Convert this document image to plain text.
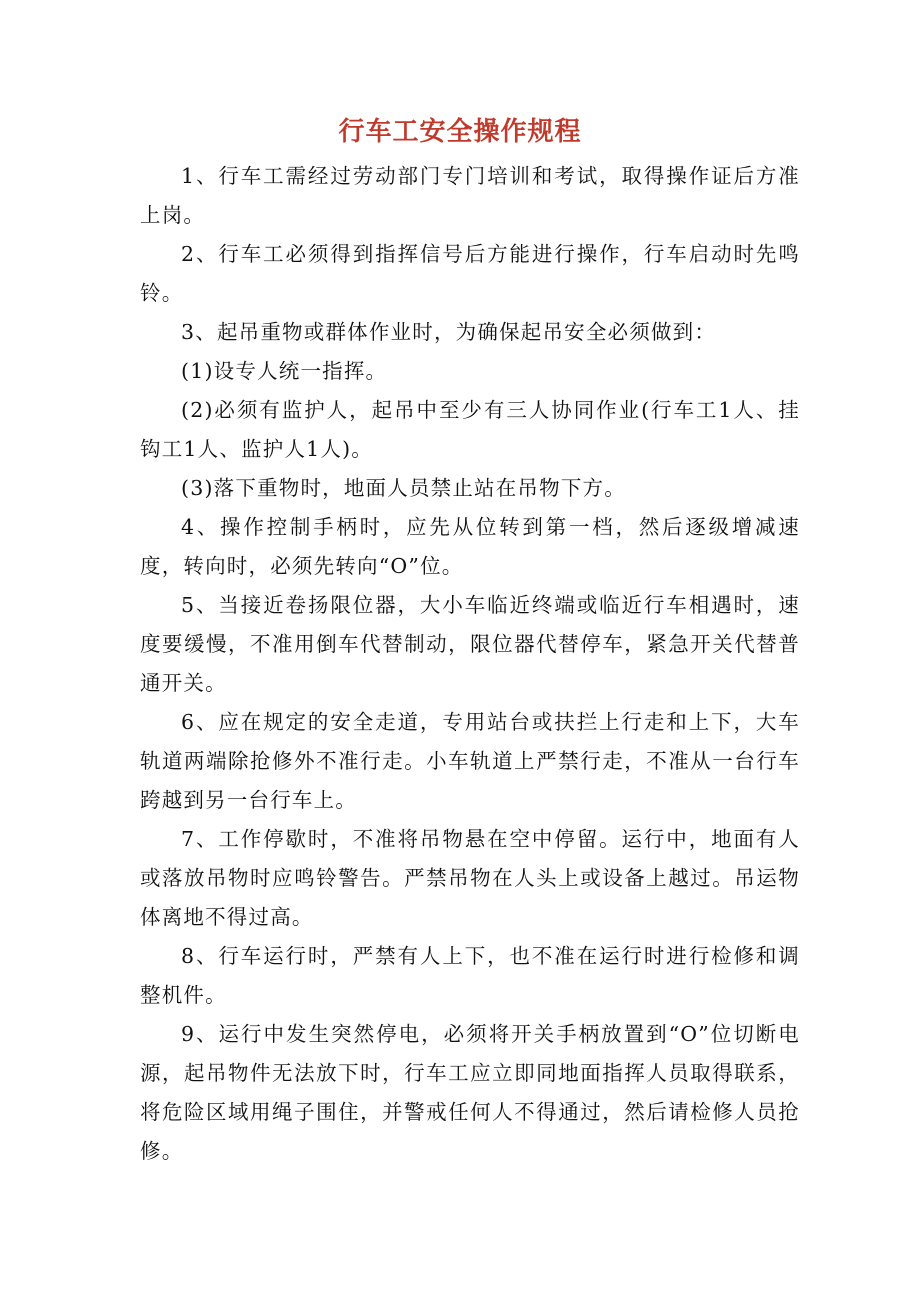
行车工安全操作规程

1、行车工需经过劳动部门专门培训和考试，取得操作证后方准上岗。

2、行车工必须得到指挥信号后方能进行操作，行车启动时先鸣铃。

3、起吊重物或群体作业时，为确保起吊安全必须做到：

(1)设专人统一指挥。

(2)必须有监护人，起吊中至少有三人协同作业(行车工1人、挂钩工1人、监护人1人)。

(3)落下重物时，地面人员禁止站在吊物下方。

4、操作控制手柄时，应先从位转到第一档，然后逐级增减速度，转向时，必须先转向“O”位。

5、当接近卷扬限位器，大小车临近终端或临近行车相遇时，速度要缓慢，不准用倒车代替制动，限位器代替停车，紧急开关代替普通开关。

6、应在规定的安全走道，专用站台或扶拦上行走和上下，大车轨道两端除抢修外不准行走。小车轨道上严禁行走，不准从一台行车跨越到另一台行车上。

7、工作停歇时，不准将吊物悬在空中停留。运行中，地面有人或落放吊物时应鸣铃警告。严禁吊物在人头上或设备上越过。吊运物体离地不得过高。

8、行车运行时，严禁有人上下，也不准在运行时进行检修和调整机件。

9、运行中发生突然停电，必须将开关手柄放置到“O”位切断电源，起吊物件无法放下时，行车工应立即同地面指挥人员取得联系，将危险区域用绳子围住，并警戒任何人不得通过，然后请检修人员抢修。
